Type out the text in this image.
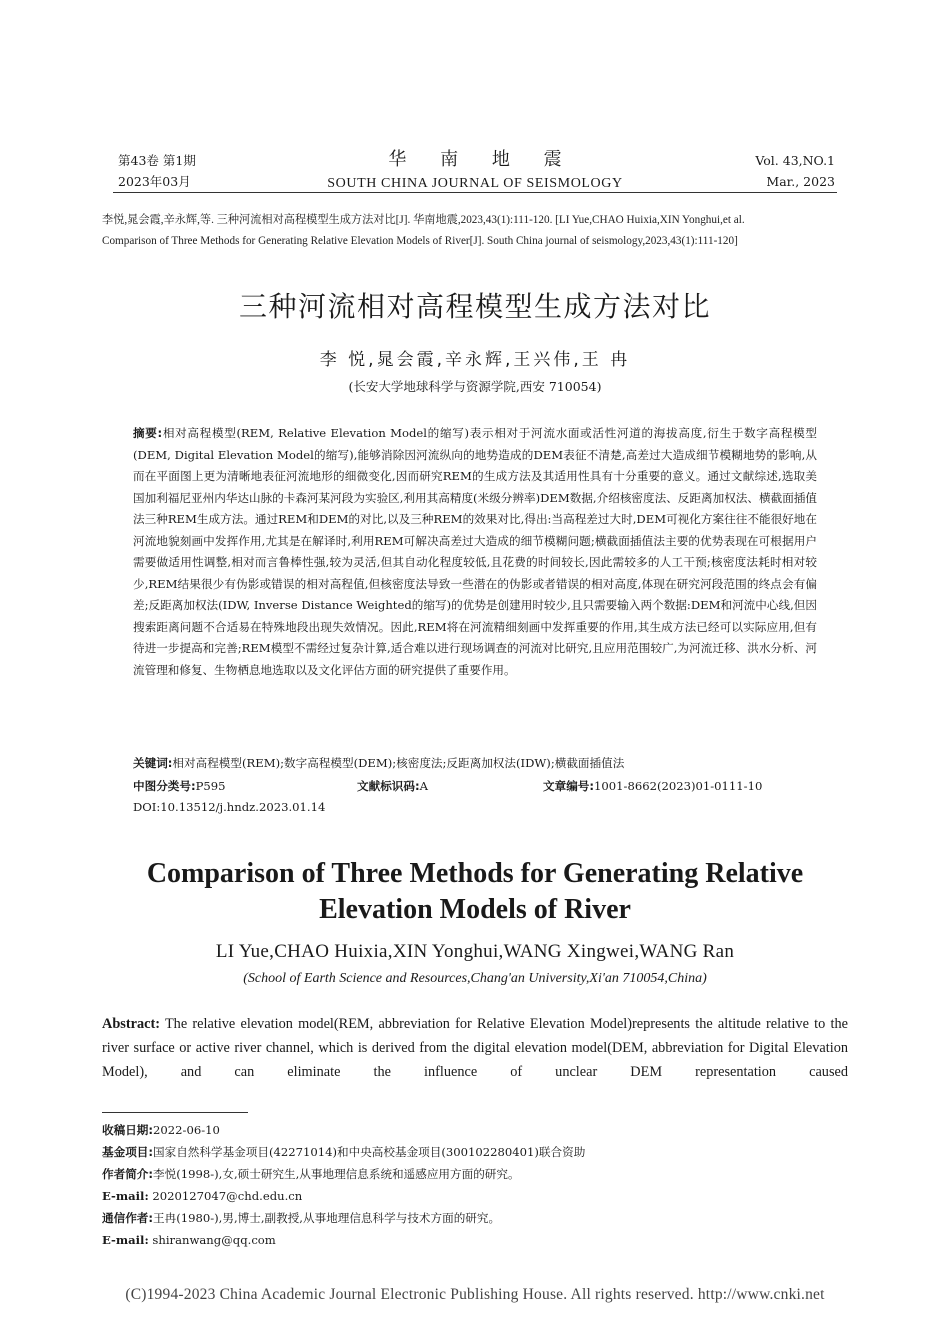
第43卷 第1期
2023年03月
华 南 地 震
SOUTH CHINA JOURNAL OF SEISMOLOGY
Vol. 43,NO.1
Mar., 2023

李悦,晁会霞,辛永辉,等. 三种河流相对高程模型生成方法对比[J]. 华南地震,2023,43(1):111-120. [LI Yue,CHAO Huixia,XIN Yonghui,et al.

Comparison of Three Methods for Generating Relative Elevation Models of River[J]. South China journal of seismology,2023,43(1):111-120]

三种河流相对高程模型生成方法对比
李 悦,晁会霞,辛永辉,王兴伟,王 冉
(长安大学地球科学与资源学院,西安 710054)

摘要:相对高程模型(REM, Relative Elevation Model的缩写)表示相对于河流水面或活性河道的海拔高度,衍生于数字高程模型(DEM, Digital Elevation Model的缩写),能够消除因河流纵向的地势造成的DEM表征不清楚,高差过大造成细节模糊地势的影响,从而在平面图上更为清晰地表征河流地形的细微变化,因而研究REM的生成方法及其适用性具有十分重要的意义。通过文献综述,选取美国加利福尼亚州内华达山脉的卡森河某河段为实验区,利用其高精度(米级分辨率)DEM数据,介绍核密度法、反距离加权法、横截面插值法三种REM生成方法。通过REM和DEM的对比,以及三种REM的效果对比,得出:当高程差过大时,DEM可视化方案往往不能很好地在河流地貌刻画中发挥作用,尤其是在解译时,利用REM可解决高差过大造成的细节模糊问题;横截面插值法主要的优势表现在可根据用户需要做适用性调整,相对而言鲁棒性强,较为灵活,但其自动化程度较低,且花费的时间较长,因此需较多的人工干预;核密度法耗时相对较少,REM结果很少有伪影或错误的相对高程值,但核密度法导致一些潜在的伪影或者错误的相对高度,体现在研究河段范围的终点会有偏差;反距离加权法(IDW, Inverse Distance Weighted的缩写)的优势是创建用时较少,且只需要输入两个数据:DEM和河流中心线,但因搜索距离问题不合适易在特殊地段出现失效情况。因此,REM将在河流精细刻画中发挥重要的作用,其生成方法已经可以实际应用,但有待进一步提高和完善;REM模型不需经过复杂计算,适合难以进行现场调查的河流对比研究,且应用范围较广,为河流迁移、洪水分析、河流管理和修复、生物栖息地选取以及文化评估方面的研究提供了重要作用。

关键词:相对高程模型(REM);数字高程模型(DEM);核密度法;反距离加权法(IDW);横截面插值法
中图分类号:P595	文献标识码:A	文章编号:1001-8662(2023)01-0111-10
DOI:10.13512/j.hndz.2023.01.14
Comparison of Three Methods for Generating Relative
Elevation Models of River
LI Yue,CHAO Huixia,XIN Yonghui,WANG Xingwei,WANG Ran
(School of Earth Science and Resources,Chang'an University,Xi'an 710054,China)

Abstract: The relative elevation model(REM, abbreviation for Relative Elevation Model)represents the altitude relative to the river surface or active river channel, which is derived from the digital elevation model(DEM, abbreviation for Digital Elevation Model), and can eliminate the influence of unclear DEM representation caused

收稿日期:2022-06-10
基金项目:国家自然科学基金项目(42271014)和中央高校基金项目(300102280401)联合资助
作者简介:李悦(1998-),女,硕士研究生,从事地理信息系统和遥感应用方面的研究。
E-mail: 2020127047@chd.edu.cn
通信作者:王冉(1980-),男,博士,副教授,从事地理信息科学与技术方面的研究。
E-mail: shiranwang@qq.com
(C)1994-2023 China Academic Journal Electronic Publishing House. All rights reserved. http://www.cnki.net
